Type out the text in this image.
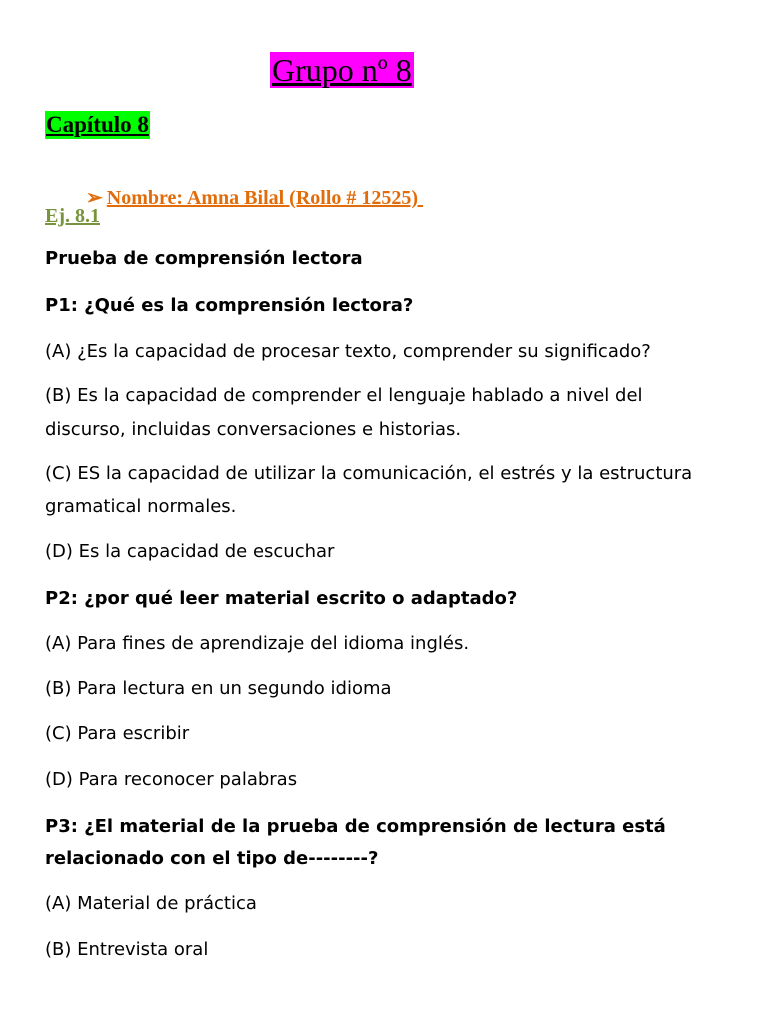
Grupo nº 8
Capítulo 8

➢ Nombre: Amna Bilal (Rollo # 12525)

Ej. 8.1
Prueba de comprensión lectora
P1: ¿Qué es la comprensión lectora?
(A) ¿Es la capacidad de procesar texto, comprender su significado?
(B) Es la capacidad de comprender el lenguaje hablado a nivel del
discurso, incluidas conversaciones e historias.
(C) ES la capacidad de utilizar la comunicación, el estrés y la estructura
gramatical normales.
(D) Es la capacidad de escuchar
P2: ¿por qué leer material escrito o adaptado?
(A) Para fines de aprendizaje del idioma inglés.
(B) Para lectura en un segundo idioma
(C) Para escribir
(D) Para reconocer palabras
P3: ¿El material de la prueba de comprensión de lectura está
relacionado con el tipo de--------?
(A) Material de práctica
(B) Entrevista oral
